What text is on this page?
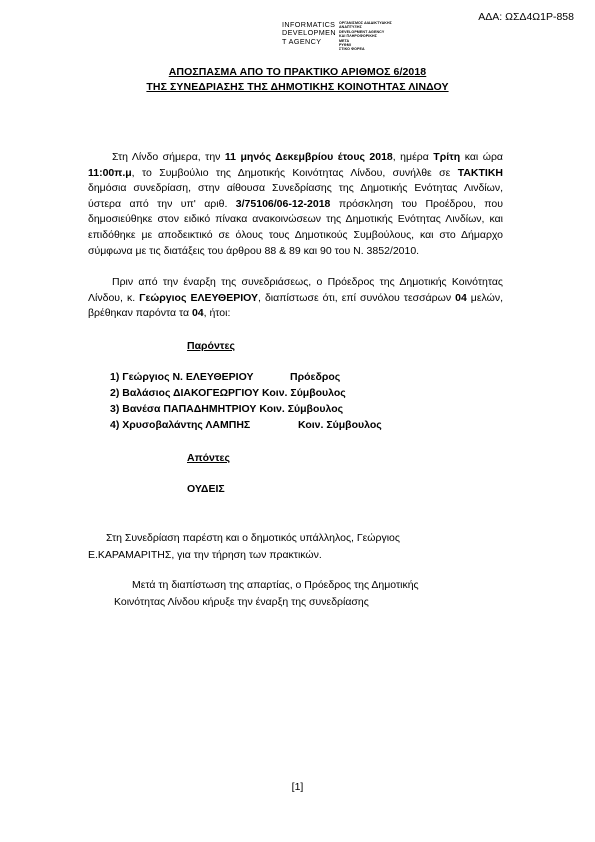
ΑΔΑ: ΩΣΔ4Ω1Ρ-858
INFORMATICS
DEVELOPMEN
T AGENCY
ΟΡΓΑΝΙΣΜΟΣ ΔΙΑΔΙΚΤΥΑΚΗΣ
ΑΝΑΠΤΥΞΗΣ
DEVELOPMENT AGENCY
ΚΑΙ ΠΛΗΡΟΦΟΡΙΚΗΣ
ΜΕΤΑ
ΡΥΘΜΙ
ΣΤΙΚΟ ΦΟΡΕΑ
ΑΠΟΣΠΑΣΜΑ ΑΠΟ ΤΟ ΠΡΑΚΤΙΚΟ ΑΡΙΘΜΟΣ 6/2018
ΤΗΣ ΣΥΝΕΔΡΙΑΣΗΣ ΤΗΣ ΔΗΜΟΤΙΚΗΣ ΚΟΙΝΟΤΗΤΑΣ ΛΙΝΔΟΥ
Στη Λίνδο σήμερα, την 11 μηνός Δεκεμβρίου έτους 2018, ημέρα Τρίτη και ώρα 11:00π.μ, το Συμβούλιο της Δημοτικής Κοινότητας Λίνδου, συνήλθε σε ΤΑΚΤΙΚΗ δημόσια συνεδρίαση, στην αίθουσα Συνεδρίασης της Δημοτικής Ενότητας Λινδίων, ύστερα από την υπ' αριθ. 3/75106/06-12-2018 πρόσκληση του Προέδρου, που δημοσιεύθηκε στον ειδικό πίνακα ανακοινώσεων της Δημοτικής Ενότητας Λινδίων, και επιδόθηκε με αποδεικτικό σε όλους τους Δημοτικούς Συμβούλους, και στο Δήμαρχο σύμφωνα με τις διατάξεις του άρθρου 88 & 89 και 90 του Ν. 3852/2010.
Πριν από την έναρξη της συνεδριάσεως, ο Πρόεδρος της Δημοτικής Κοινότητας Λίνδου, κ. Γεώργιος ΕΛΕΥΘΕΡΙΟΥ, διαπίστωσε ότι, επί συνόλου τεσσάρων 04 μελών, βρέθηκαν παρόντα τα 04, ήτοι:
Παρόντες
1) Γεώργιος Ν. ΕΛΕΥΘΕΡΙΟΥ	Πρόεδρος
2) Βαλάσιος ΔΙΑΚΟΓΕΩΡΓΙΟΥ Κοιν. Σύμβουλος
3) Βανέσα ΠΑΠΑΔΗΜΗΤΡΙΟΥ Κοιν. Σύμβουλος
4) Χρυσοβαλάντης ΛΑΜΠΗΣ	Κοιν. Σύμβουλος
Απόντες
ΟΥΔΕΙΣ
Στη Συνεδρίαση παρέστη και ο δημοτικός υπάλληλος, Γεώργιος
Ε.ΚΑΡΑΜΑΡΙΤΗΣ, για την τήρηση των πρακτικών.
Μετά τη διαπίστωση της απαρτίας, ο Πρόεδρος της Δημοτικής
Κοινότητας Λίνδου κήρυξε την έναρξη της συνεδρίασης
[1]
